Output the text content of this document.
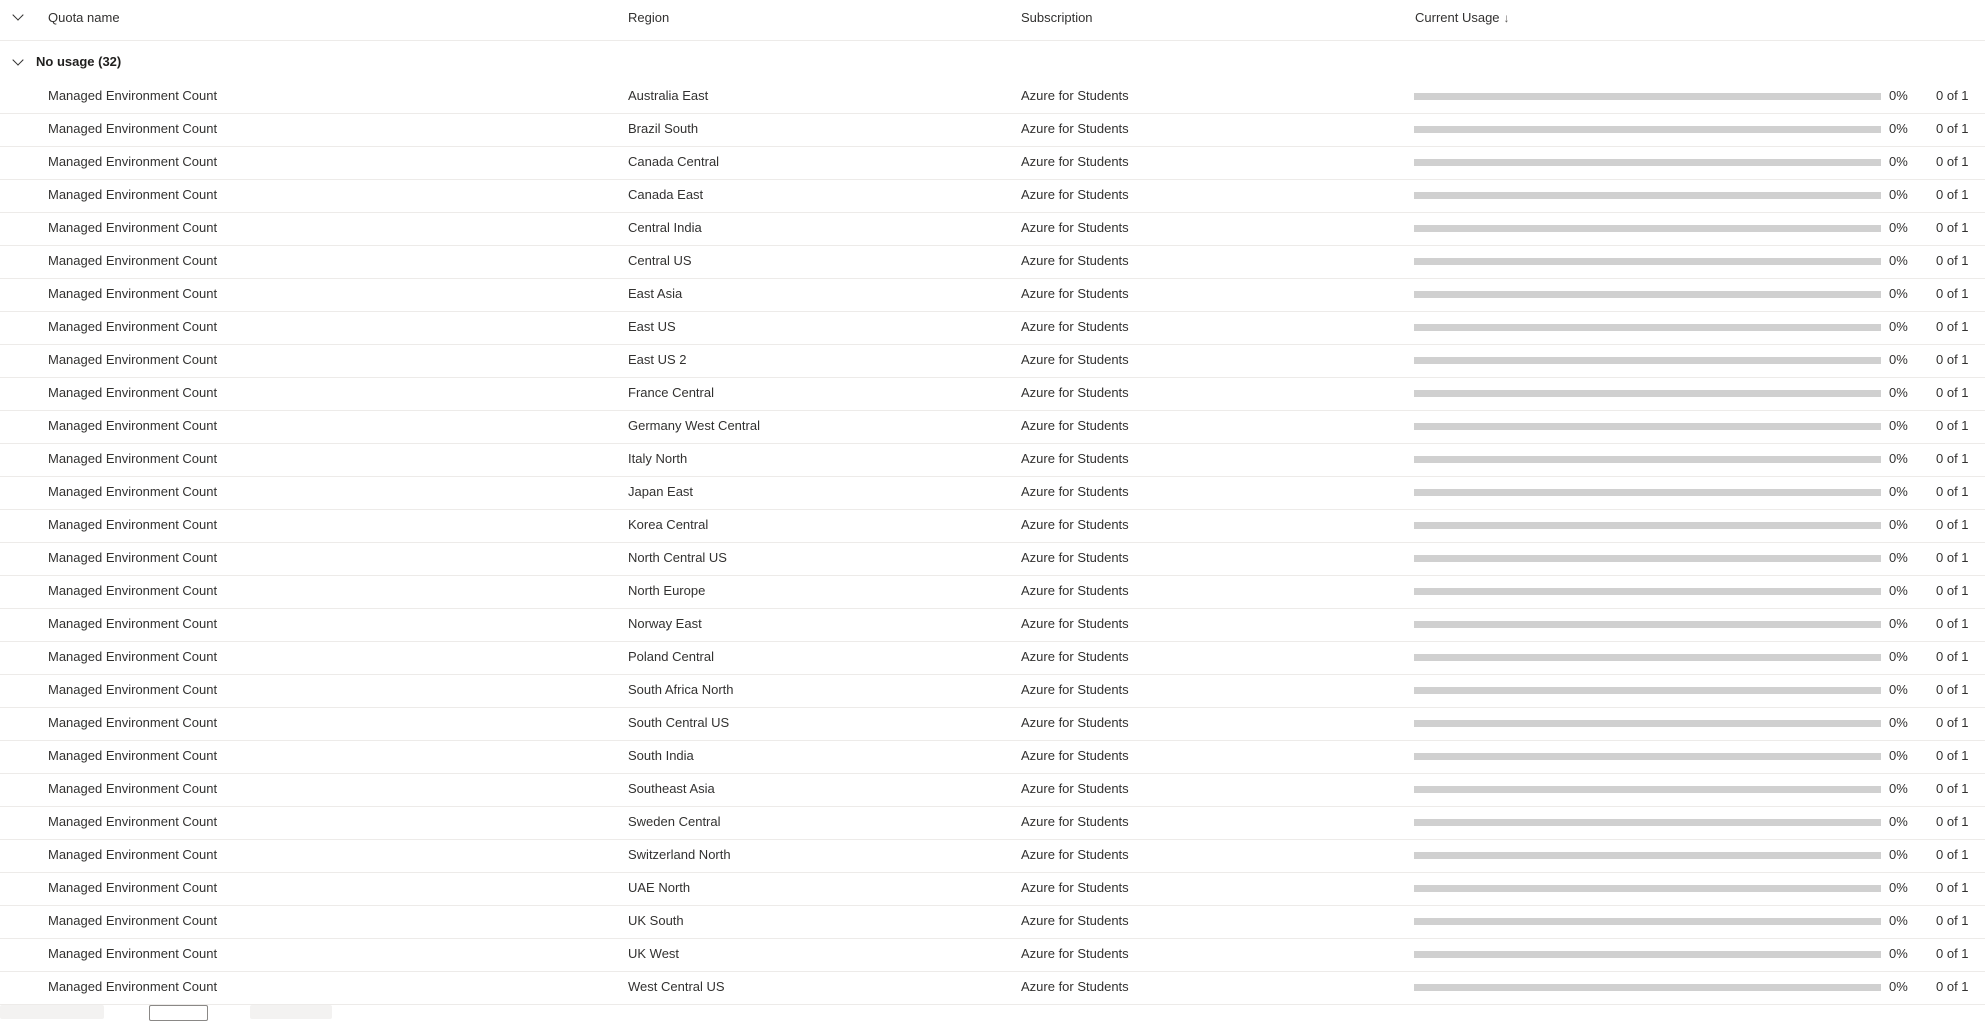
Quota name	Region	Subscription	Current Usage ↓
No usage (32)
Managed Environment Count	Australia East	Azure for Students	0% 0 of 1
Managed Environment Count	Brazil South	Azure for Students	0% 0 of 1
Managed Environment Count	Canada Central	Azure for Students	0% 0 of 1
Managed Environment Count	Canada East	Azure for Students	0% 0 of 1
Managed Environment Count	Central India	Azure for Students	0% 0 of 1
Managed Environment Count	Central US	Azure for Students	0% 0 of 1
Managed Environment Count	East Asia	Azure for Students	0% 0 of 1
Managed Environment Count	East US	Azure for Students	0% 0 of 1
Managed Environment Count	East US 2	Azure for Students	0% 0 of 1
Managed Environment Count	France Central	Azure for Students	0% 0 of 1
Managed Environment Count	Germany West Central	Azure for Students	0% 0 of 1
Managed Environment Count	Italy North	Azure for Students	0% 0 of 1
Managed Environment Count	Japan East	Azure for Students	0% 0 of 1
Managed Environment Count	Korea Central	Azure for Students	0% 0 of 1
Managed Environment Count	North Central US	Azure for Students	0% 0 of 1
Managed Environment Count	North Europe	Azure for Students	0% 0 of 1
Managed Environment Count	Norway East	Azure for Students	0% 0 of 1
Managed Environment Count	Poland Central	Azure for Students	0% 0 of 1
Managed Environment Count	South Africa North	Azure for Students	0% 0 of 1
Managed Environment Count	South Central US	Azure for Students	0% 0 of 1
Managed Environment Count	South India	Azure for Students	0% 0 of 1
Managed Environment Count	Southeast Asia	Azure for Students	0% 0 of 1
Managed Environment Count	Sweden Central	Azure for Students	0% 0 of 1
Managed Environment Count	Switzerland North	Azure for Students	0% 0 of 1
Managed Environment Count	UAE North	Azure for Students	0% 0 of 1
Managed Environment Count	UK South	Azure for Students	0% 0 of 1
Managed Environment Count	UK West	Azure for Students	0% 0 of 1
Managed Environment Count	West Central US	Azure for Students	0% 0 of 1
